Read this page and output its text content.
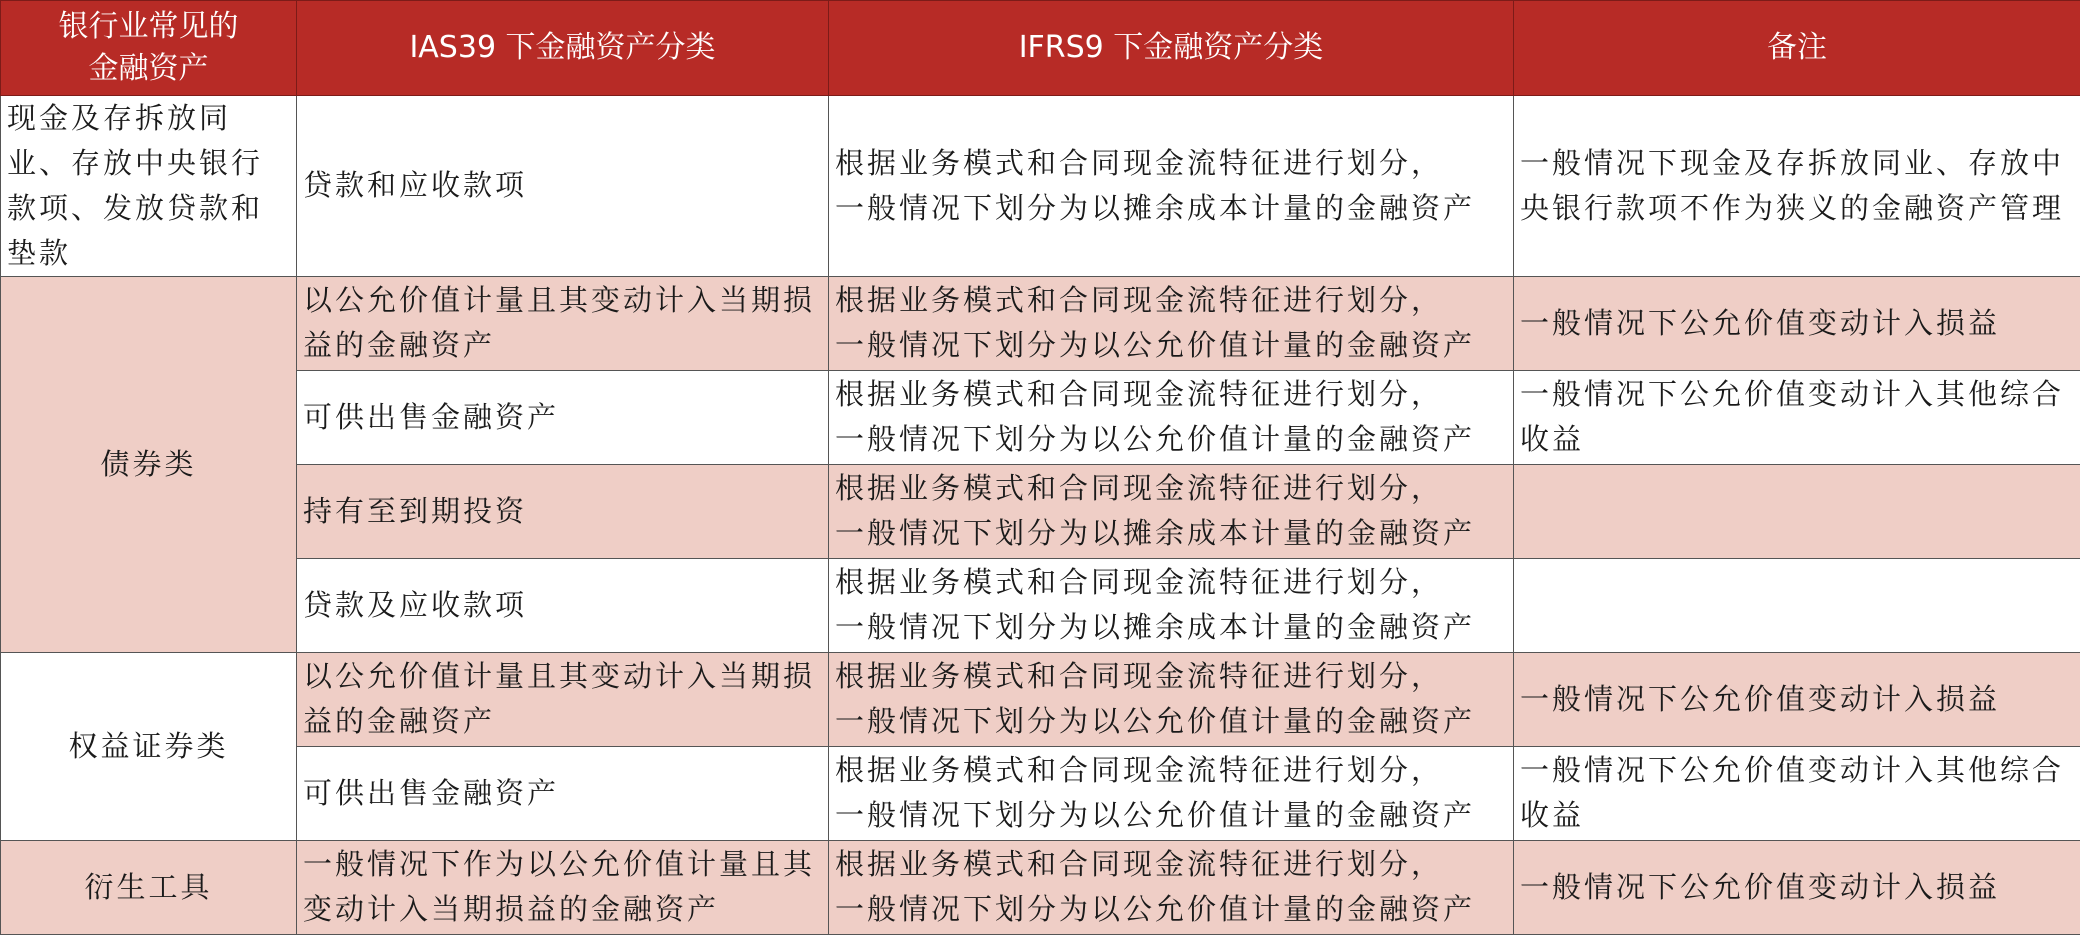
银行业常见的
金融资产	IAS39 下金融资产分类	IFRS9 下金融资产分类	备注
现金及存拆放同业、存放中央银行款项、发放贷款和垫款	贷款和应收款项	根据业务模式和合同现金流特征进行划分，
一般情况下划分为以摊余成本计量的金融资产	一般情况下现金及存拆放同业、存放中央银行款项不作为狭义的金融资产管理
债券类	以公允价值计量且其变动计入当期损益的金融资产	根据业务模式和合同现金流特征进行划分，
一般情况下划分为以公允价值计量的金融资产	一般情况下公允价值变动计入损益
	可供出售金融资产	根据业务模式和合同现金流特征进行划分，
一般情况下划分为以公允价值计量的金融资产	一般情况下公允价值变动计入其他综合收益
	持有至到期投资	根据业务模式和合同现金流特征进行划分，
一般情况下划分为以摊余成本计量的金融资产	

	贷款及应收款项	根据业务模式和合同现金流特征进行划分，
一般情况下划分为以摊余成本计量的金融资产	

权益证券类	以公允价值计量且其变动计入当期损益的金融资产	根据业务模式和合同现金流特征进行划分，
一般情况下划分为以公允价值计量的金融资产	一般情况下公允价值变动计入损益
	可供出售金融资产	根据业务模式和合同现金流特征进行划分，
一般情况下划分为以公允价值计量的金融资产	一般情况下公允价值变动计入其他综合收益
衍生工具	一般情况下作为以公允价值计量且其变动计入当期损益的金融资产	根据业务模式和合同现金流特征进行划分，
一般情况下划分为以公允价值计量的金融资产	一般情况下公允价值变动计入损益
